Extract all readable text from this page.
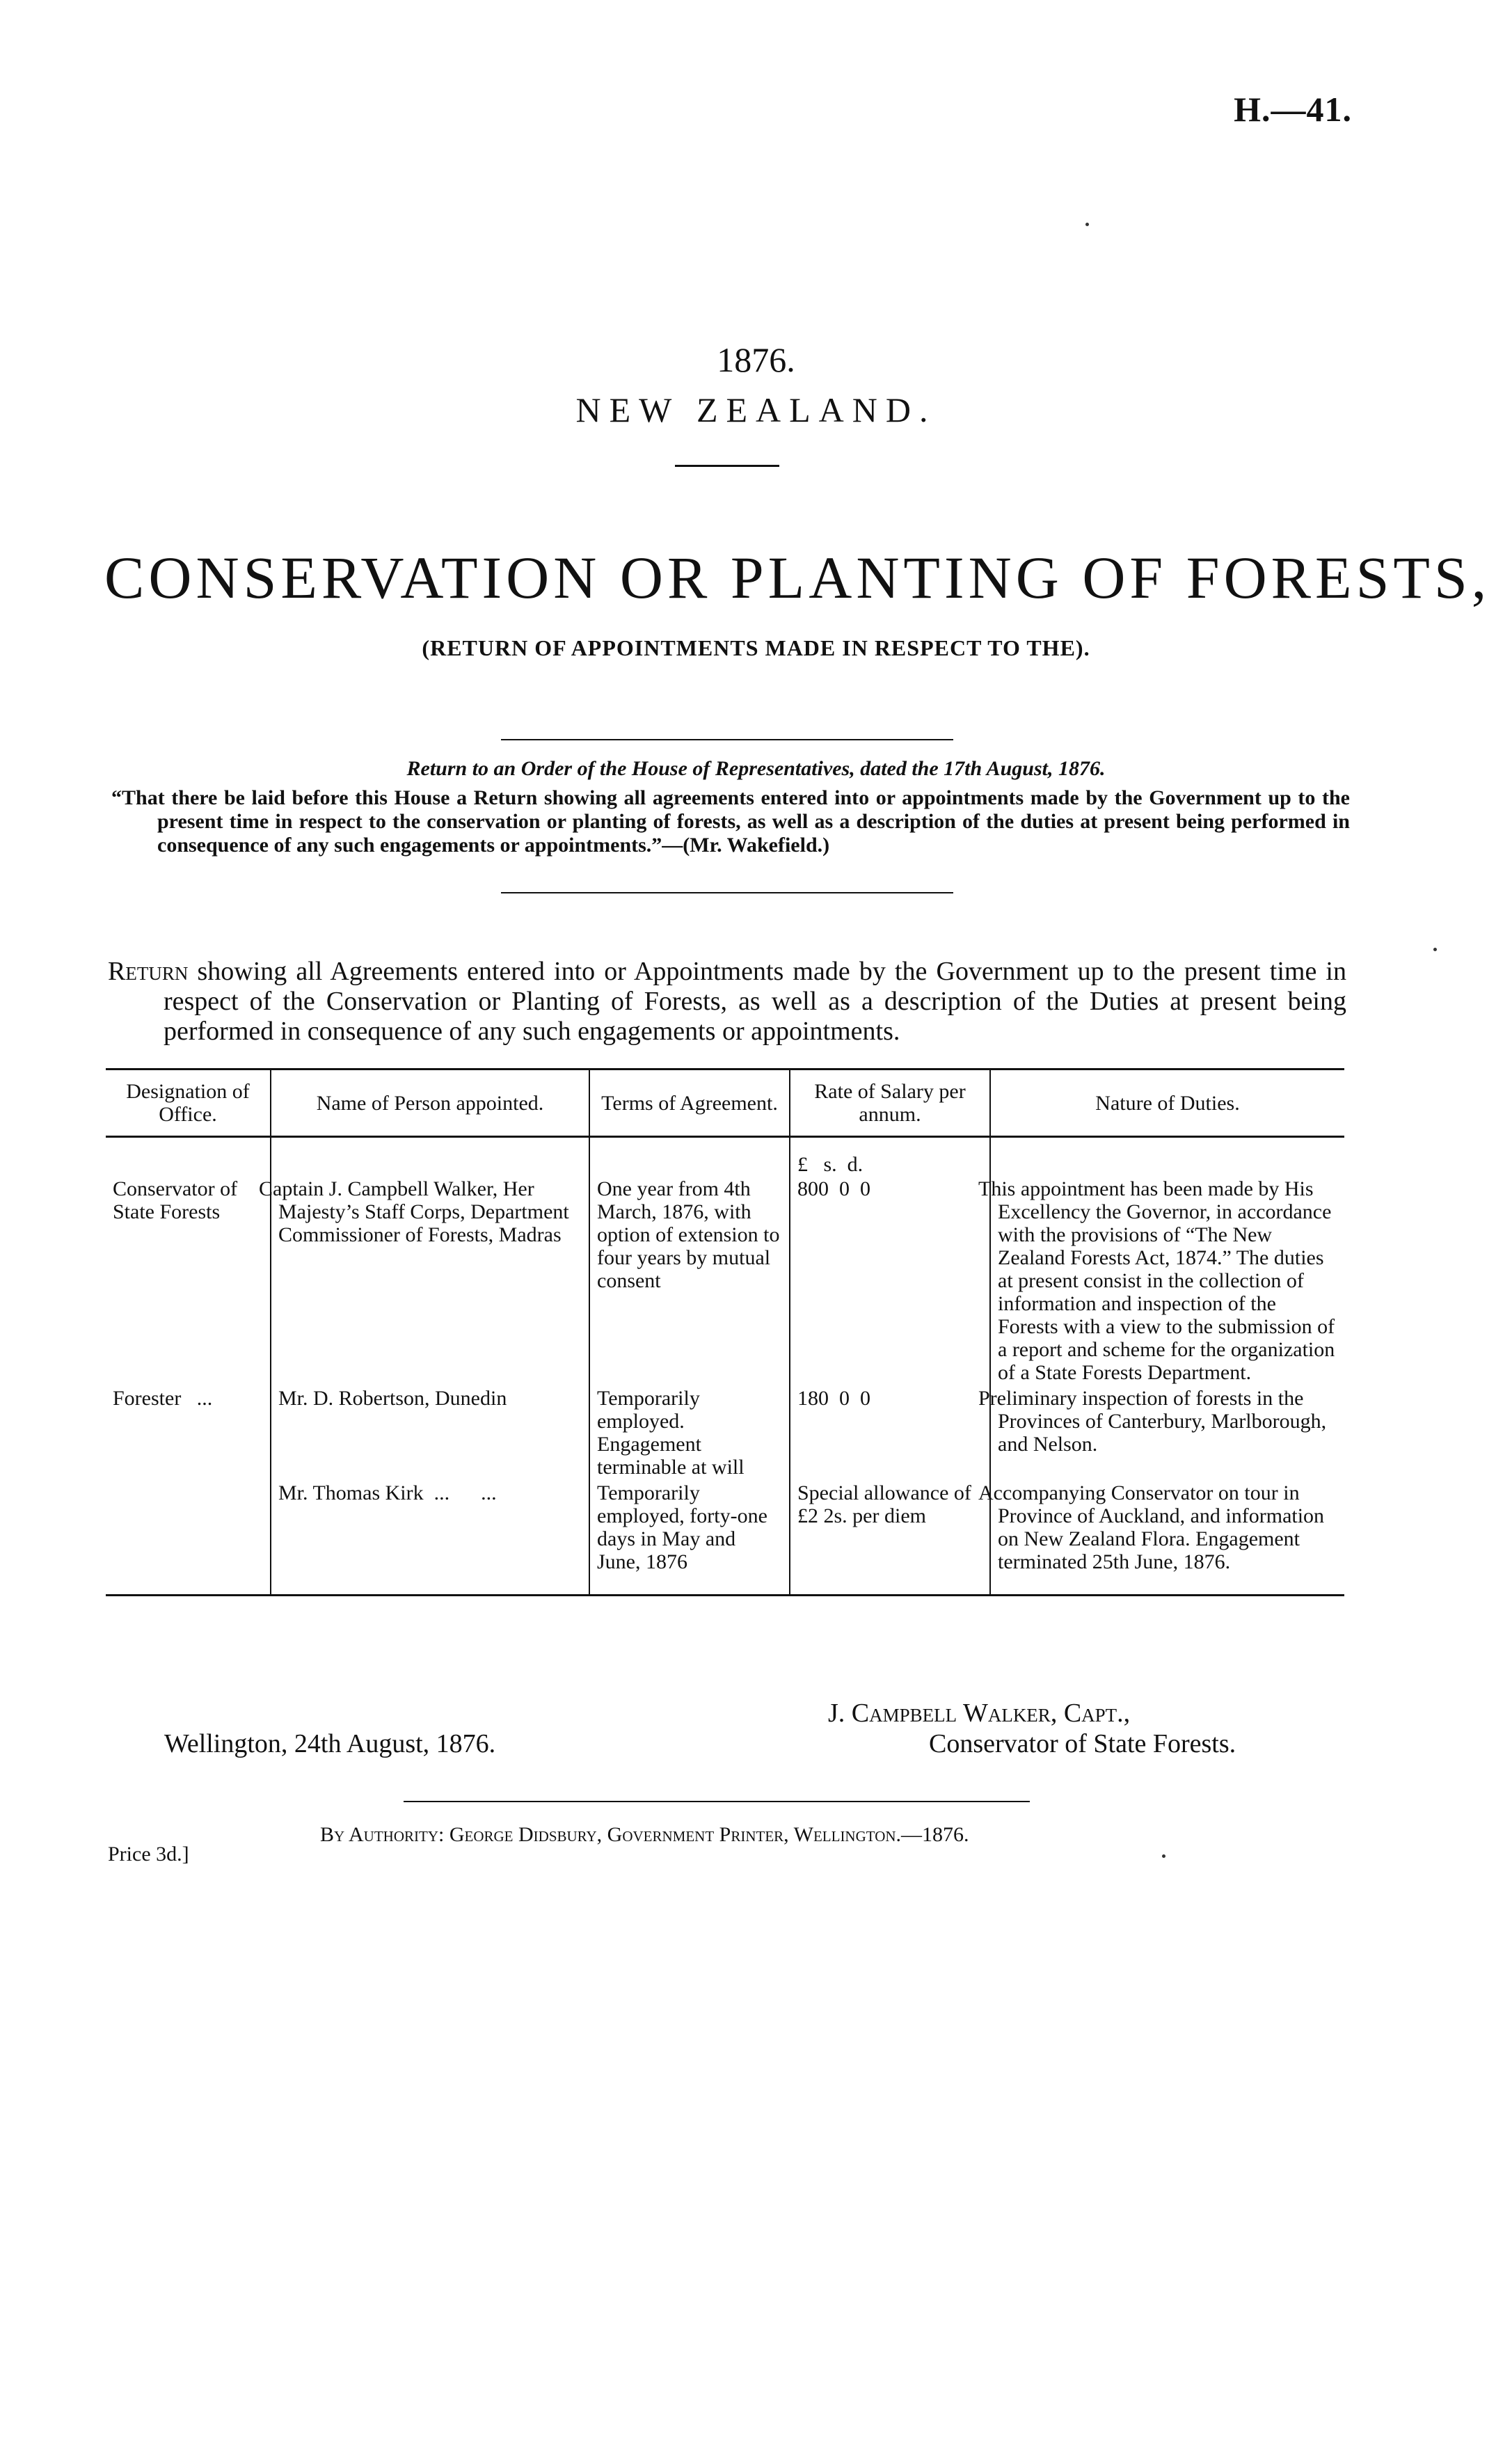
H.—41.
1876.
NEW ZEALAND.
CONSERVATION OR PLANTING OF FORESTS,
(RETURN OF APPOINTMENTS MADE IN RESPECT TO THE).
Return to an Order of the House of Representatives, dated the 17th August, 1876.

“That there be laid before this House a Return showing all agreements entered into or appointments made by the Government up to the present time in respect to the conservation or planting of forests, as well as a description of the duties at present being performed in consequence of any such engagements or appointments.”—(Mr. Wakefield.)

Return showing all Agreements entered into or Appointments made by the Government up to the present time in respect of the Conservation or Planting of Forests, as well as a description of the Duties at present being performed in consequence of any such engagements or appointments.
Designation of Office.	Name of Person appointed.	Terms of Agreement.	Rate of Salary per annum.	Nature of Duties.
			£   s.  d.	
Conservator of State Forests	Captain J. Campbell Walker, Her Majesty’s Staff Corps, Department Commissioner of Forests, Madras	One year from 4th March, 1876, with option of extension to four years by mutual consent	800  0  0	This appointment has been made by His Excellency the Governor, in accordance with the provisions of “The New Zealand Forests Act, 1874.” The duties at present consist in the collection of information and inspection of the Forests with a view to the submission of a report and scheme for the organization of a State Forests Department.
Forester   ...	Mr. D. Robertson, Dunedin	Temporarily employed. Engagement terminable at will	180  0  0	Preliminary inspection of forests in the Provinces of Canterbury, Marlborough, and Nelson.
	Mr. Thomas Kirk  ...      ...	Temporarily employed, forty-one days in May and June, 1876	Special allowance of £2 2s. per diem	Accompanying Conservator on tour in Province of Auckland, and information on New Zealand Flora. Engagement terminated 25th June, 1876.
J. Campbell Walker, Capt.,
Conservator of State Forests.
Wellington, 24th August, 1876.
Price 3d.]
By Authority: George Didsbury, Government Printer, Wellington.—1876.
